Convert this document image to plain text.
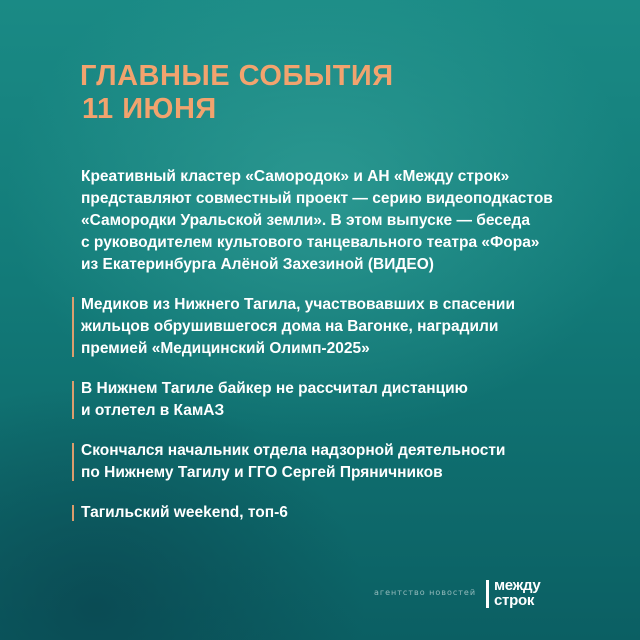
ГЛАВНЫЕ СОБЫТИЯ
11 ИЮНЯ
Креативный кластер «Самородок» и АН «Между строк»
представляют совместный проект — серию видеоподкастов
«Самородки Уральской земли». В этом выпуске — беседа
с руководителем культового танцевального театра «Фора»
из Екатеринбурга Алёной Захезиной (ВИДЕО)
Медиков из Нижнего Тагила, участвовавших в спасении
жильцов обрушившегося дома на Вагонке, наградили
премией «Медицинский Олимп-2025»
В Нижнем Тагиле байкер не рассчитал дистанцию
и отлетел в КамАЗ
Скончался начальник отдела надзорной деятельности
по Нижнему Тагилу и ГГО Сергей Пряничников
Тагильский weekend, топ-6
агентство новостей между
строк
